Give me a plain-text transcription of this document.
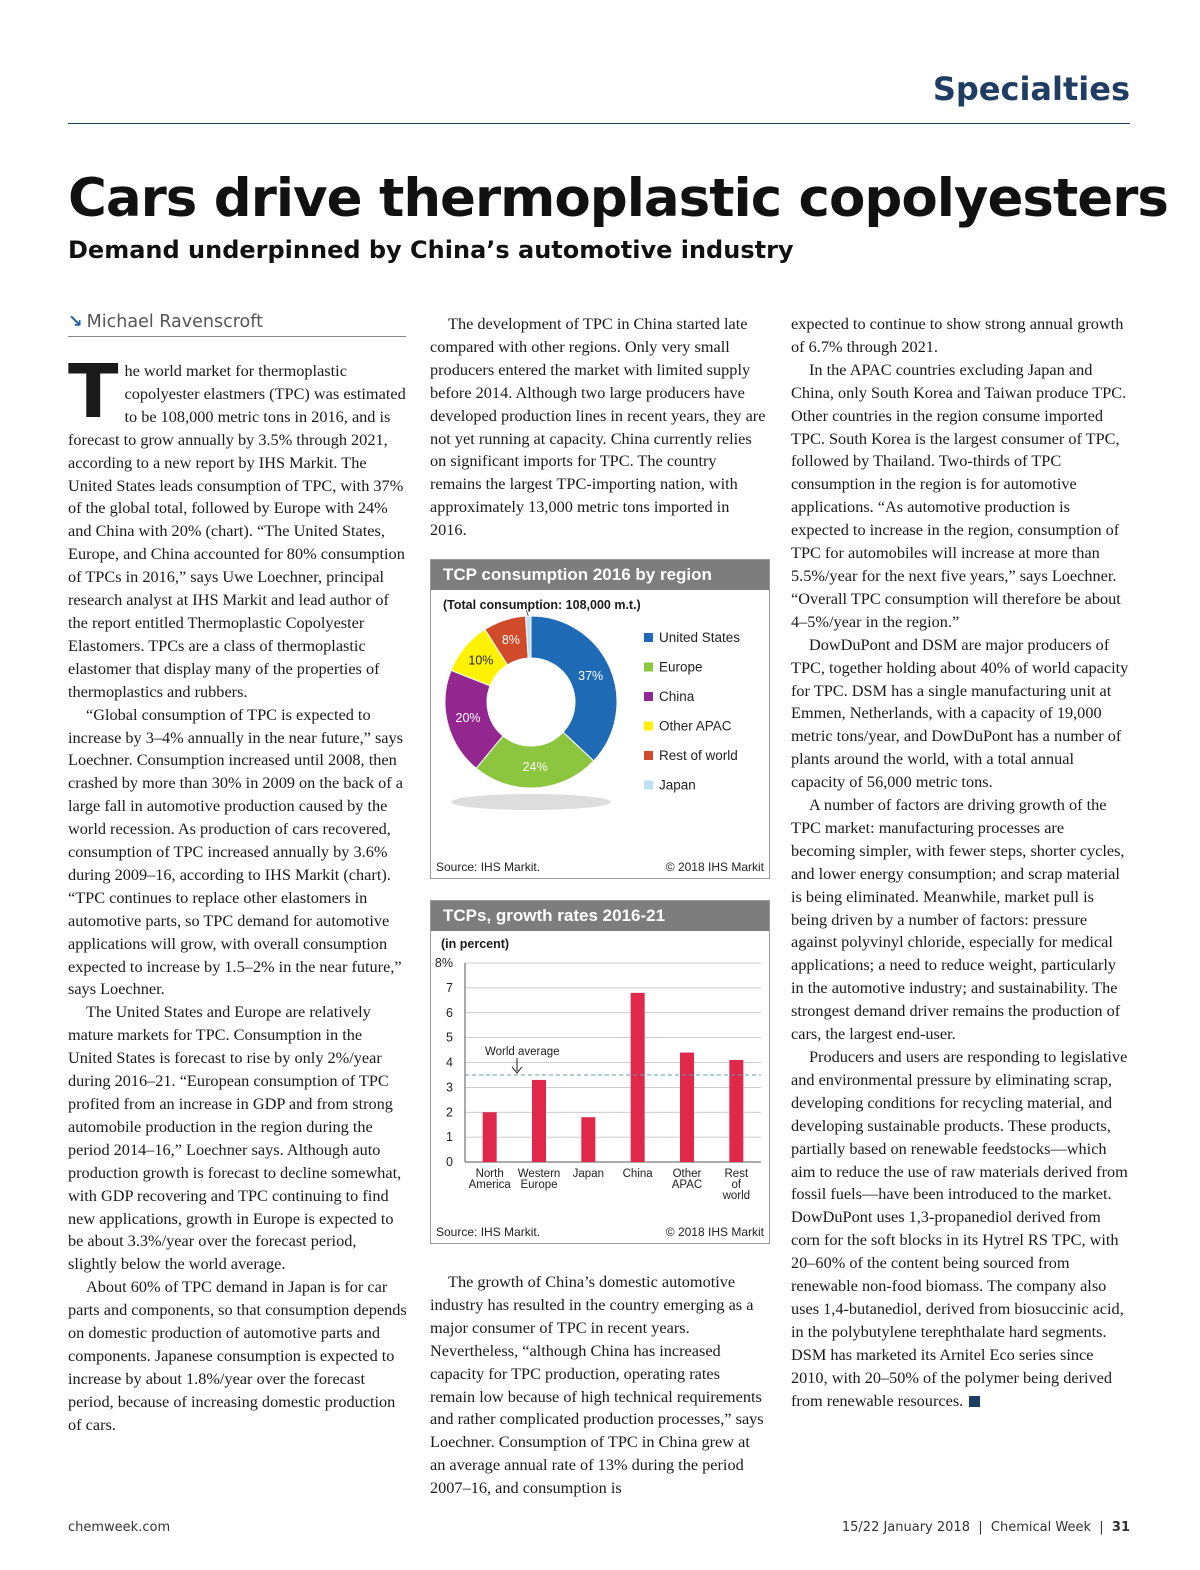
Specialties
Cars drive thermoplastic copolyesters
Demand underpinned by China’s automotive industry
↘ Michael Ravenscroft

The world market for thermoplastic copolyester elastmers (TPC) was estimated to be 108,000 metric tons in 2016, and is forecast to grow annually by 3.5% through 2021, according to a new report by IHS Markit. The United States leads consumption of TPC, with 37% of the global total, followed by Europe with 24% and China with 20% (chart). “The United States, Europe, and China accounted for 80% consumption of TPCs in 2016,” says Uwe Loechner, principal research analyst at IHS Markit and lead author of the report entitled Thermoplastic Copolyester Elastomers. TPCs are a class of thermoplastic elastomer that display many of the properties of thermoplastics and rubbers.

“Global consumption of TPC is expected to increase by 3–4% annually in the near future,” says Loechner. Consumption increased until 2008, then crashed by more than 30% in 2009 on the back of a large fall in automotive production caused by the world recession. As production of cars recovered, consumption of TPC increased annually by 3.6% during 2009–16, according to IHS Markit (chart). “TPC continues to replace other elastomers in automotive parts, so TPC demand for automotive applications will grow, with overall consumption expected to increase by 1.5–2% in the near future,” says Loechner.

The United States and Europe are relatively mature markets for TPC. Consumption in the United States is forecast to rise by only 2%/year during 2016–21. “European consumption of TPC profited from an increase in GDP and from strong automobile production in the region during the period 2014–16,” Loechner says. Although auto production growth is forecast to decline somewhat, with GDP recovering and TPC continuing to find new applications, growth in Europe is expected to be about 3.3%/year over the forecast period, slightly below the world average.

About 60% of TPC demand in Japan is for car parts and components, so that consumption depends on domestic production of automotive parts and components. Japanese consumption is expected to increase by about 1.8%/year over the forecast period, because of increasing domestic production of cars.

The development of TPC in China started late compared with other regions. Only very small producers entered the market with limited supply before 2014. Although two large producers have developed production lines in recent years, they are not yet running at capacity. China currently relies on significant imports for TPC. The country remains the largest TPC-importing nation, with approximately 13,000 metric tons imported in 2016.

TCP consumption 2016 by region
(Total consumption: 108,000 m.t.)
37%
24%
20%
10%
8%	United States
Europe
China
Other APAC
Rest of world
Japan
Source: IHS Markit.	© 2018 IHS Markit
TCPs, growth rates 2016-21
(in percent)
0
1
2
3
4
5
6
7
8%
North
America
Western
Europe
Japan China Other
APAC
Rest
of
world
World average
Source: IHS Markit.	© 2018 IHS Markit

The growth of China’s domestic automotive industry has resulted in the country emerging as a major consumer of TPC in recent years. Nevertheless, “although China has increased capacity for TPC production, operating rates remain low because of high technical requirements and rather complicated production processes,” says Loechner. Consumption of TPC in China grew at an average annual rate of 13% during the period 2007–16, and consumption is

expected to continue to show strong annual growth of 6.7% through 2021.

In the APAC countries excluding Japan and China, only South Korea and Taiwan produce TPC. Other countries in the region consume imported TPC. South Korea is the largest consumer of TPC, followed by Thailand. Two-thirds of TPC consumption in the region is for automotive applications. “As automotive production is expected to increase in the region, consumption of TPC for automobiles will increase at more than 5.5%/year for the next five years,” says Loechner. “Overall TPC consumption will therefore be about 4–5%/year in the region.”

DowDuPont and DSM are major producers of TPC, together holding about 40% of world capacity for TPC. DSM has a single manufacturing unit at Emmen, Netherlands, with a capacity of 19,000 metric tons/year, and DowDuPont has a number of plants around the world, with a total annual capacity of 56,000 metric tons.

A number of factors are driving growth of the TPC market: manufacturing processes are becoming simpler, with fewer steps, shorter cycles, and lower energy consumption; and scrap material is being eliminated. Meanwhile, market pull is being driven by a number of factors: pressure against polyvinyl chloride, especially for medical applications; a need to reduce weight, particularly in the automotive industry; and sustainability. The strongest demand driver remains the production of cars, the largest end-user.

Producers and users are responding to legislative and environmental pressure by eliminating scrap, developing conditions for recycling material, and developing sustainable products. These products, partially based on renewable feedstocks—which aim to reduce the use of raw materials derived from fossil fuels—have been introduced to the market. DowDuPont uses 1,3-propanediol derived from corn for the soft blocks in its Hytrel RS TPC, with 20–60% of the content being sourced from renewable non-food biomass. The company also uses 1,4-butanediol, derived from biosuccinic acid, in the polybutylene terephthalate hard segments. DSM has marketed its Arnitel Eco series since 2010, with 20–50% of the polymer being derived from renewable resources.

chemweek.com	15/22 January 2018  |  Chemical Week  |  31
